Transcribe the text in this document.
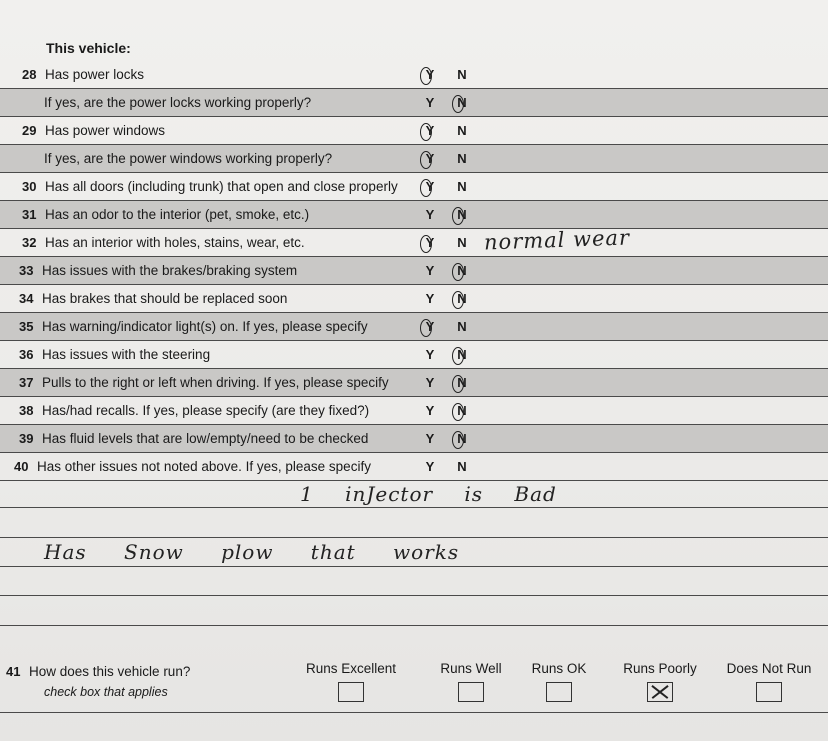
This vehicle:
28 Has power locks	Y N
If yes, are the power locks working properly?	Y N
29 Has power windows	Y N
If yes, are the power windows working properly?	Y N
30 Has all doors (including trunk) that open and close properly Y N
31 Has an odor to the interior (pet, smoke, etc.)	Y N
32 Has an interior with holes, stains, wear, etc.	Y N
33 Has issues with the brakes/braking system	Y N
34 Has brakes that should be replaced soon	Y N
35 Has warning/indicator light(s) on. If yes, please specify	Y N
36 Has issues with the steering	Y N
37 Pulls to the right or left when driving. If yes, please specify	Y N
38 Has/had recalls. If yes, please specify (are they fixed?)	Y N
39 Has fluid levels that are low/empty/need to be checked	Y N
40 Has other issues not noted above. If yes, please specify	Y N
normal wear
1 inJector is Bad
Has Snow plow that works
41 How does this vehicle run?
check box that applies
Runs Excellent	Runs Well	Runs OK	Runs Poorly	Does Not Run
